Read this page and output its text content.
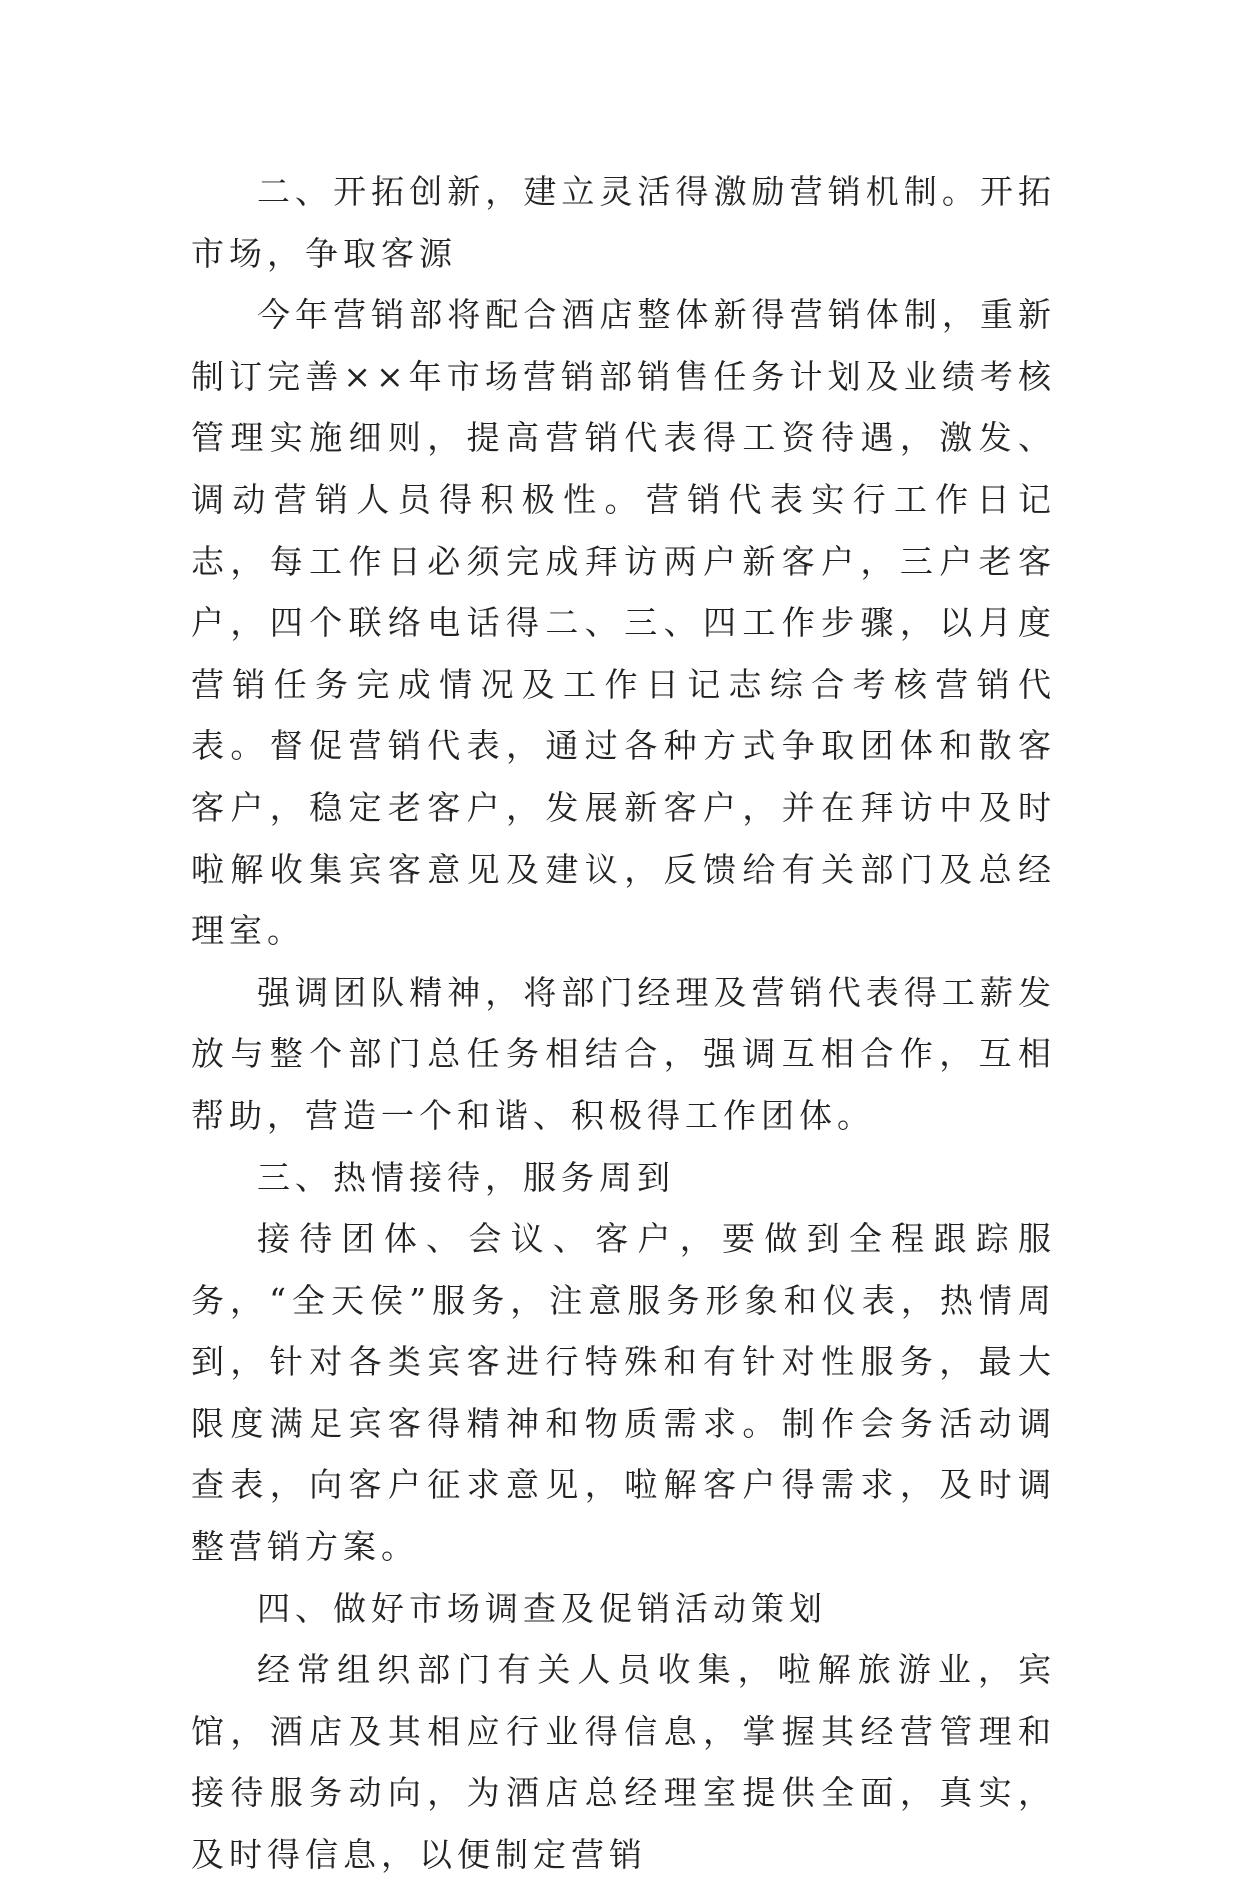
二、开拓创新，建立灵活得激励营销机制。开拓市场，争取客源

今年营销部将配合酒店整体新得营销体制，重新制订完善××年市场营销部销售任务计划及业绩考核管理实施细则，提高营销代表得工资待遇，激发、调动营销人员得积极性。营销代表实行工作日记志，每工作日必须完成拜访两户新客户，三户老客户，四个联络电话得二、三、四工作步骤，以月度营销任务完成情况及工作日记志综合考核营销代表。督促营销代表，通过各种方式争取团体和散客客户，稳定老客户，发展新客户，并在拜访中及时啦解收集宾客意见及建议，反馈给有关部门及总经理室。

强调团队精神，将部门经理及营销代表得工薪发放与整个部门总任务相结合，强调互相合作，互相帮助，营造一个和谐、积极得工作团体。

三、热情接待，服务周到

接待团体、会议、客户，要做到全程跟踪服务，“全天侯”服务，注意服务形象和仪表，热情周到，针对各类宾客进行特殊和有针对性服务，最大限度满足宾客得精神和物质需求。制作会务活动调查表，向客户征求意见，啦解客户得需求，及时调整营销方案。

四、做好市场调查及促销活动策划

经常组织部门有关人员收集，啦解旅游业，宾馆，酒店及其相应行业得信息，掌握其经营管理和接待服务动向，为酒店总经理室提供全面，真实，及时得信息，以便制定营销
